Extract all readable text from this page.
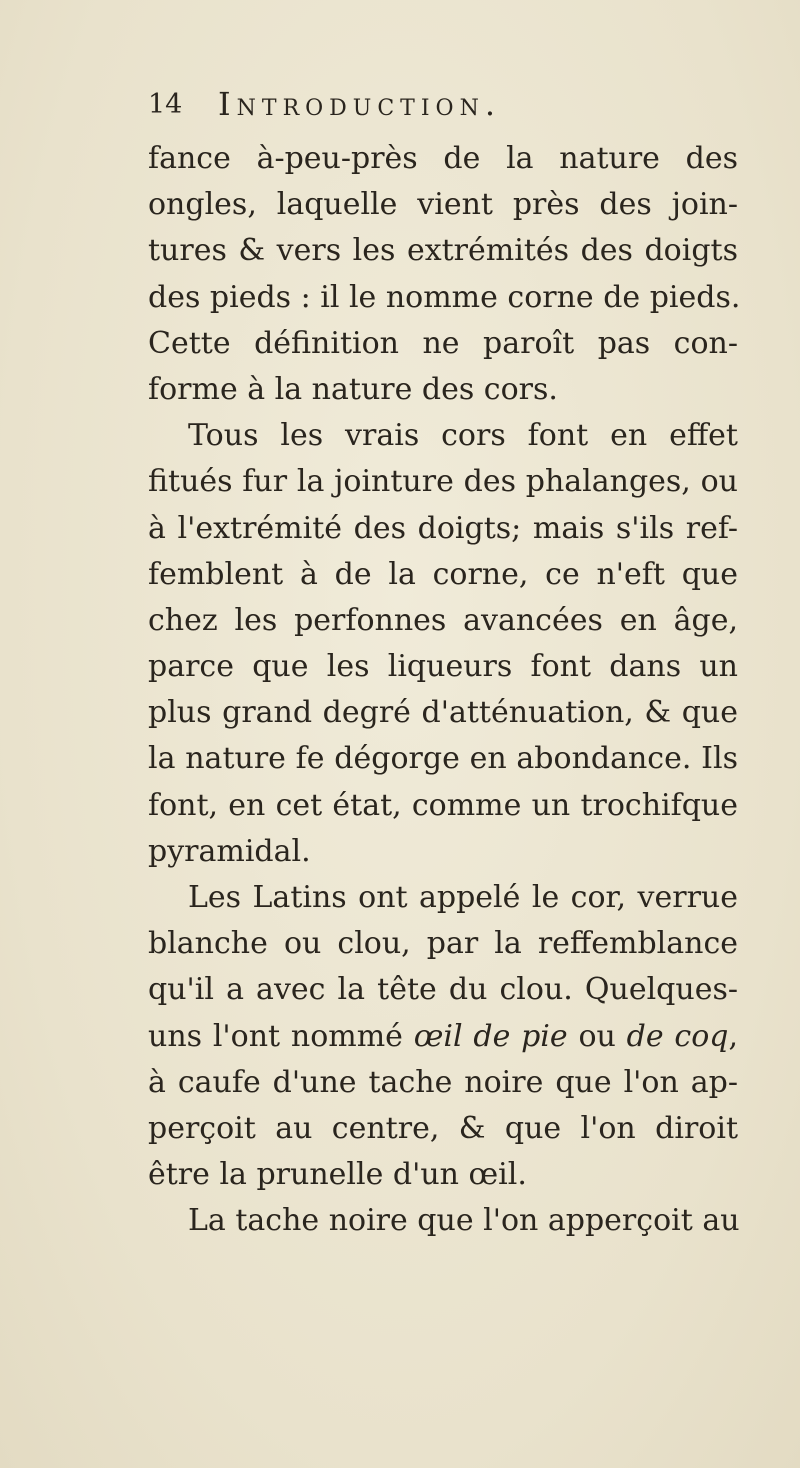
14 Introduction.
fance à-peu-près de la nature des
ongles, laquelle vient près des join-
tures & vers les extrémités des doigts
des pieds : il le nomme corne de pieds.
Cette définition ne paroît pas con-
forme à la nature des cors.
Tous les vrais cors font en effet
fitués fur la jointure des phalanges, ou
à l'extrémité des doigts; mais s'ils ref-
femblent à de la corne, ce n'eft que
chez les perfonnes avancées en âge,
parce que les liqueurs font dans un
plus grand degré d'atténuation, & que
la nature fe dégorge en abondance. Ils
font, en cet état, comme un trochifque
pyramidal.
Les Latins ont appelé le cor, verrue
blanche ou clou, par la reffemblance
qu'il a avec la tête du clou. Quelques-
uns l'ont nommé œil de pie ou de coq,
à caufe d'une tache noire que l'on ap-
perçoit au centre, & que l'on diroit
être la prunelle d'un œil.
La tache noire que l'on apperçoit au
